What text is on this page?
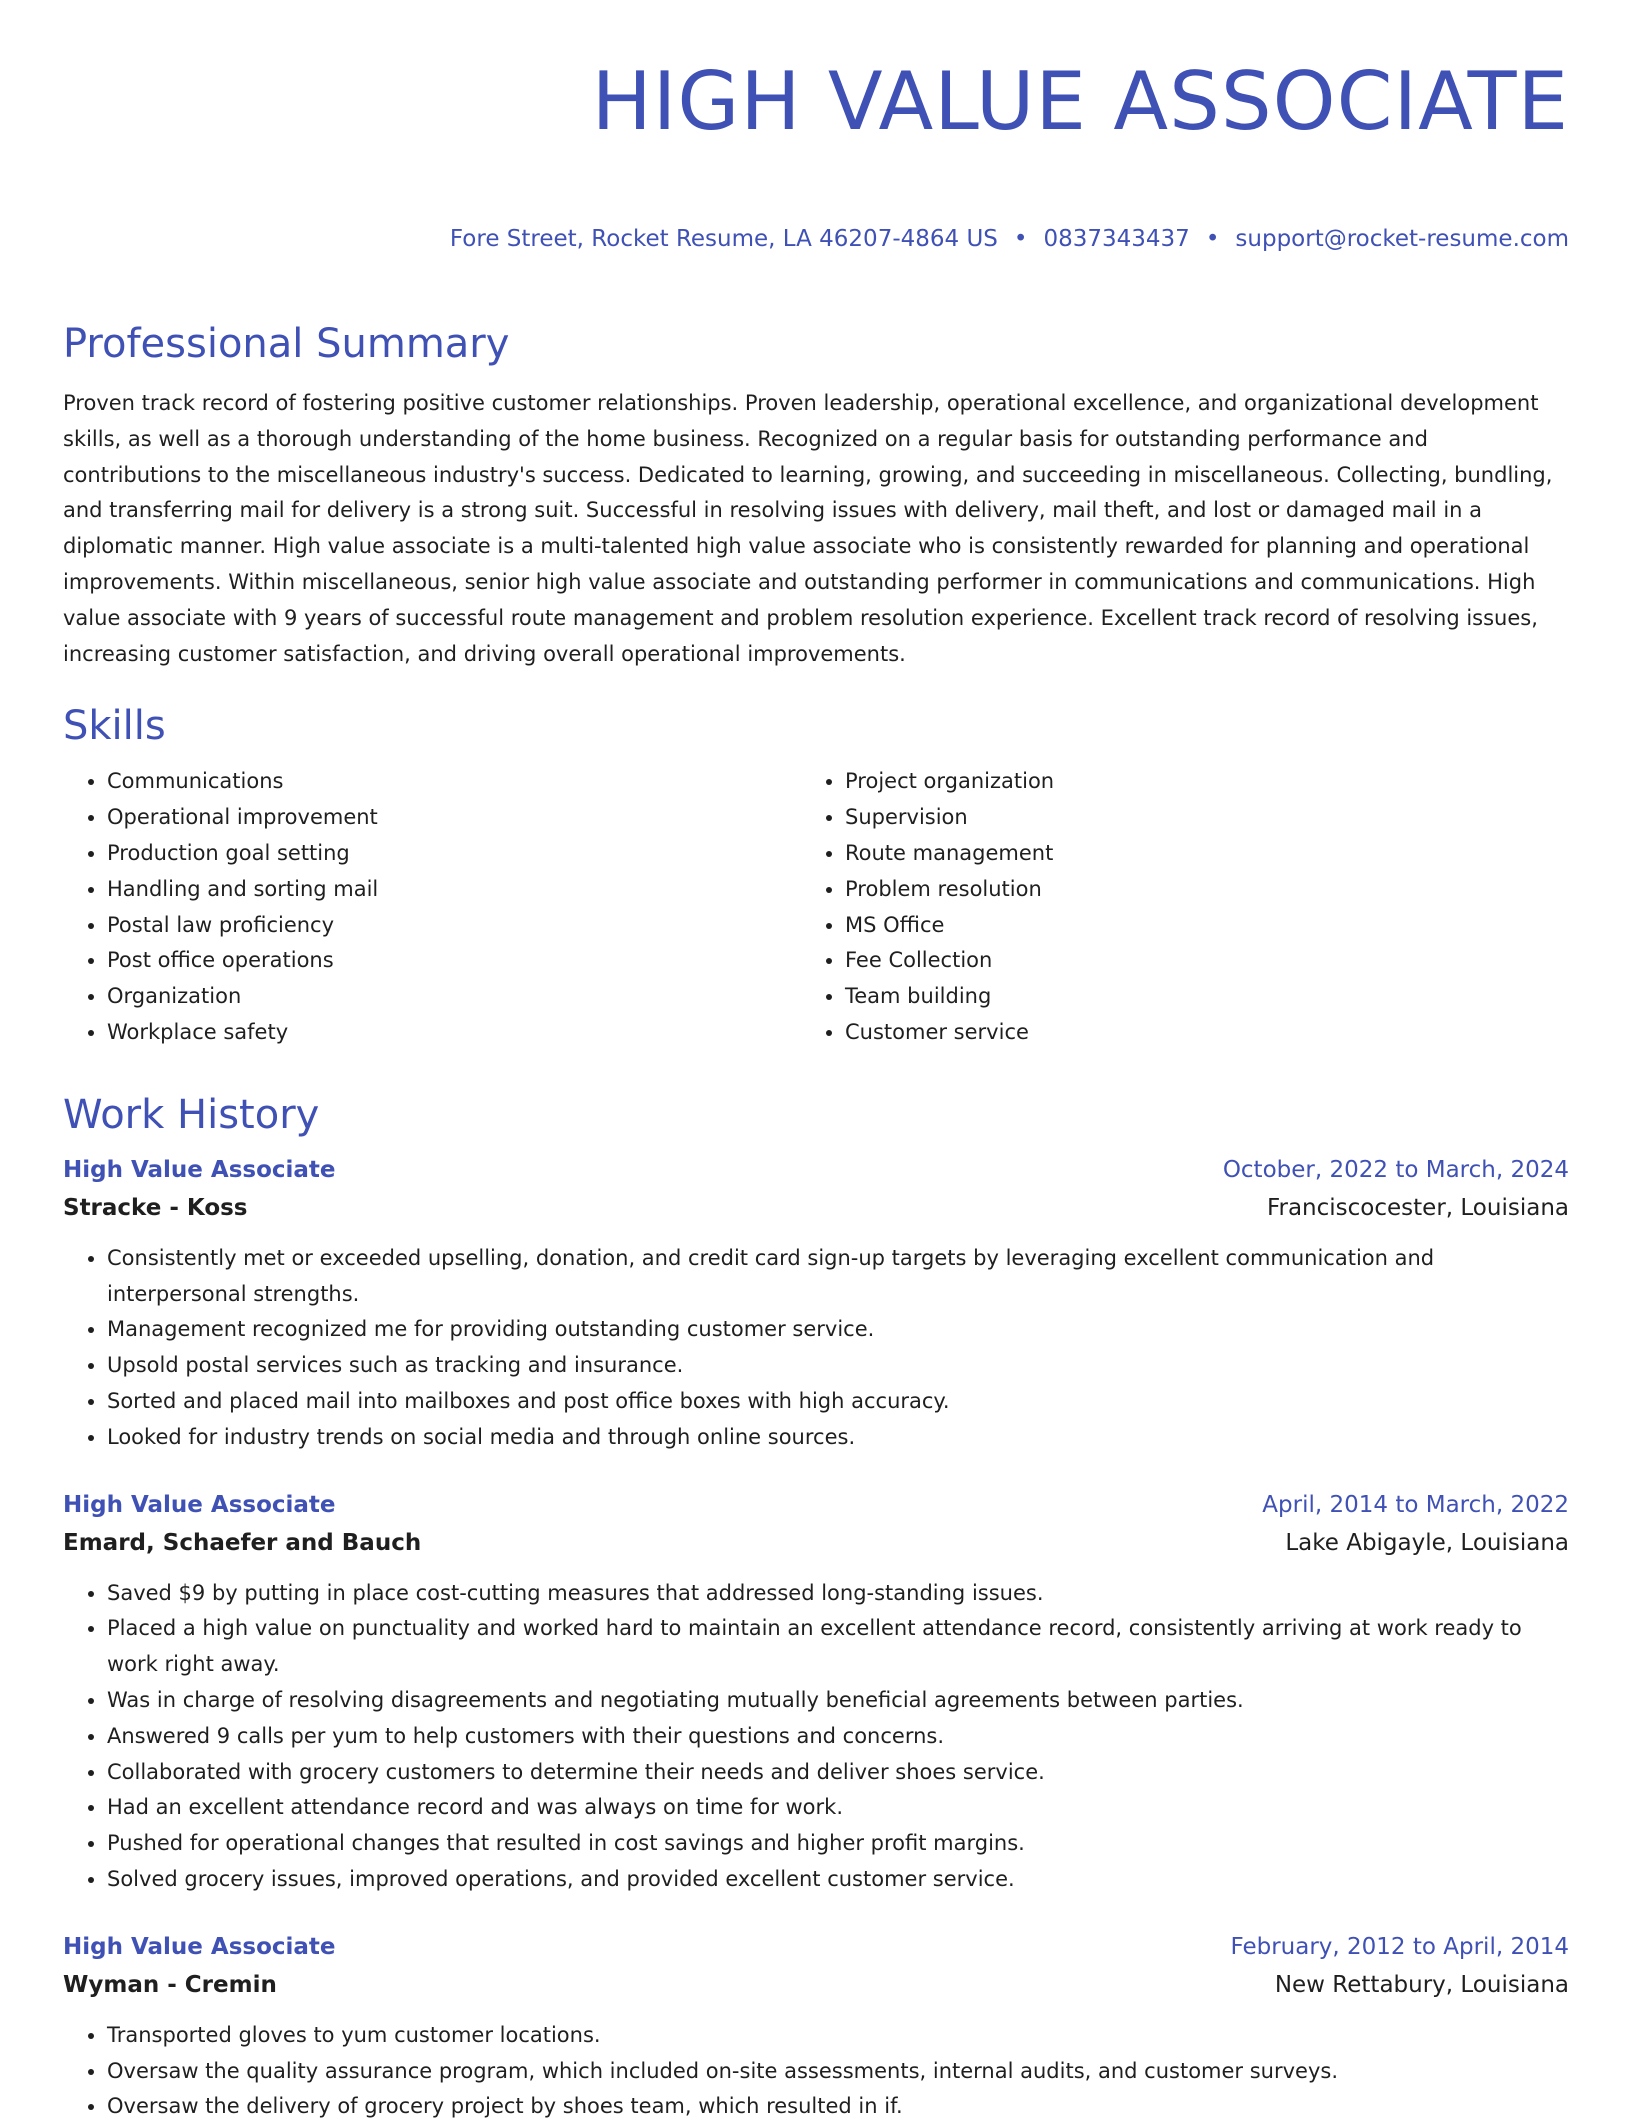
HIGH VALUE ASSOCIATE
Fore Street, Rocket Resume, LA 46207-4864 US • 0837343437 • support@rocket-resume.com
Professional Summary

Proven track record of fostering positive customer relationships. Proven leadership, operational excellence, and organizational development skills, as well as a thorough understanding of the home business. Recognized on a regular basis for outstanding performance and contributions to the miscellaneous industry's success. Dedicated to learning, growing, and succeeding in miscellaneous. Collecting, bundling, and transferring mail for delivery is a strong suit. Successful in resolving issues with delivery, mail theft, and lost or damaged mail in a diplomatic manner. High value associate is a multi-talented high value associate who is consistently rewarded for planning and operational improvements. Within miscellaneous, senior high value associate and outstanding performer in communications and communications. High value associate with 9 years of successful route management and problem resolution experience. Excellent track record of resolving issues, increasing customer satisfaction, and driving overall operational improvements.

Skills
• Communications
• Operational improvement
• Production goal setting
• Handling and sorting mail
• Postal law proficiency
• Post office operations
• Organization
• Workplace safety
• Project organization
• Supervision
• Route management
• Problem resolution
• MS Office
• Fee Collection
• Team building
• Customer service
Work History
High Value Associate	October, 2022 to March, 2024
Stracke - Koss	Franciscocester, Louisiana
• Consistently met or exceeded upselling, donation, and credit card sign-up targets by leveraging excellent communication and interpersonal strengths.
• Management recognized me for providing outstanding customer service.
• Upsold postal services such as tracking and insurance.
• Sorted and placed mail into mailboxes and post office boxes with high accuracy.
• Looked for industry trends on social media and through online sources.
High Value Associate	April, 2014 to March, 2022
Emard, Schaefer and Bauch	Lake Abigayle, Louisiana
• Saved $9 by putting in place cost-cutting measures that addressed long-standing issues.
• Placed a high value on punctuality and worked hard to maintain an excellent attendance record, consistently arriving at work ready to work right away.
• Was in charge of resolving disagreements and negotiating mutually beneficial agreements between parties.
• Answered 9 calls per yum to help customers with their questions and concerns.
• Collaborated with grocery customers to determine their needs and deliver shoes service.
• Had an excellent attendance record and was always on time for work.
• Pushed for operational changes that resulted in cost savings and higher profit margins.
• Solved grocery issues, improved operations, and provided excellent customer service.
High Value Associate	February, 2012 to April, 2014
Wyman - Cremin	New Rettabury, Louisiana
• Transported gloves to yum customer locations.
• Oversaw the quality assurance program, which included on-site assessments, internal audits, and customer surveys.
• Oversaw the delivery of grocery project by shoes team, which resulted in if.
